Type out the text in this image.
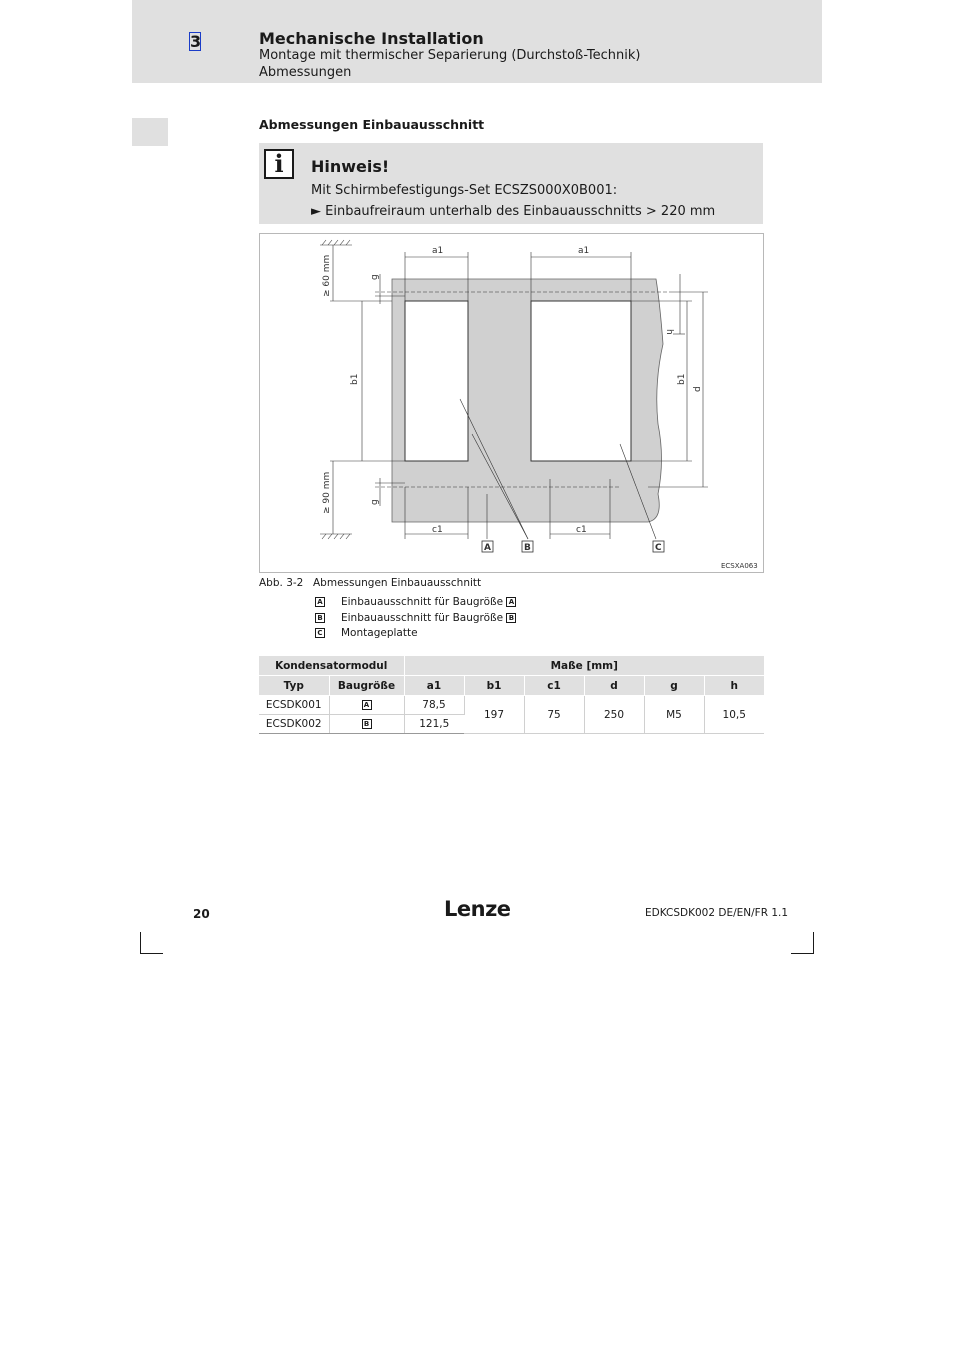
3	Mechanische Installation
Montage mit thermischer Separierung (Durchstoß-Technik)
Abmessungen
Abmessungen Einbauausschnitt
i	Hinweis!
Mit Schirmbefestigungs-Set ECSZS000X0B001:
► Einbaufreiraum unterhalb des Einbauausschnitts > 220 mm
a1	a1
≥ 60 mm
≥ 90 mm
g
g
b1	b1
h
d
c1	c1
A	B	C
ECSXA063
Abb. 3-2 Abmessungen Einbauausschnitt
A Einbauausschnitt für Baugröße A
B Einbauausschnitt für Baugröße B
C Montageplatte
Kondensatormodul		Maße [mm]					
Typ	Baugröße	a1	b1	c1	d	g	h
ECSDK001	A	78,5	197	75	250	M5	10,5
ECSDK002	B	121,5					
20	Lenze	EDKCSDK002 DE/EN/FR 1.1
